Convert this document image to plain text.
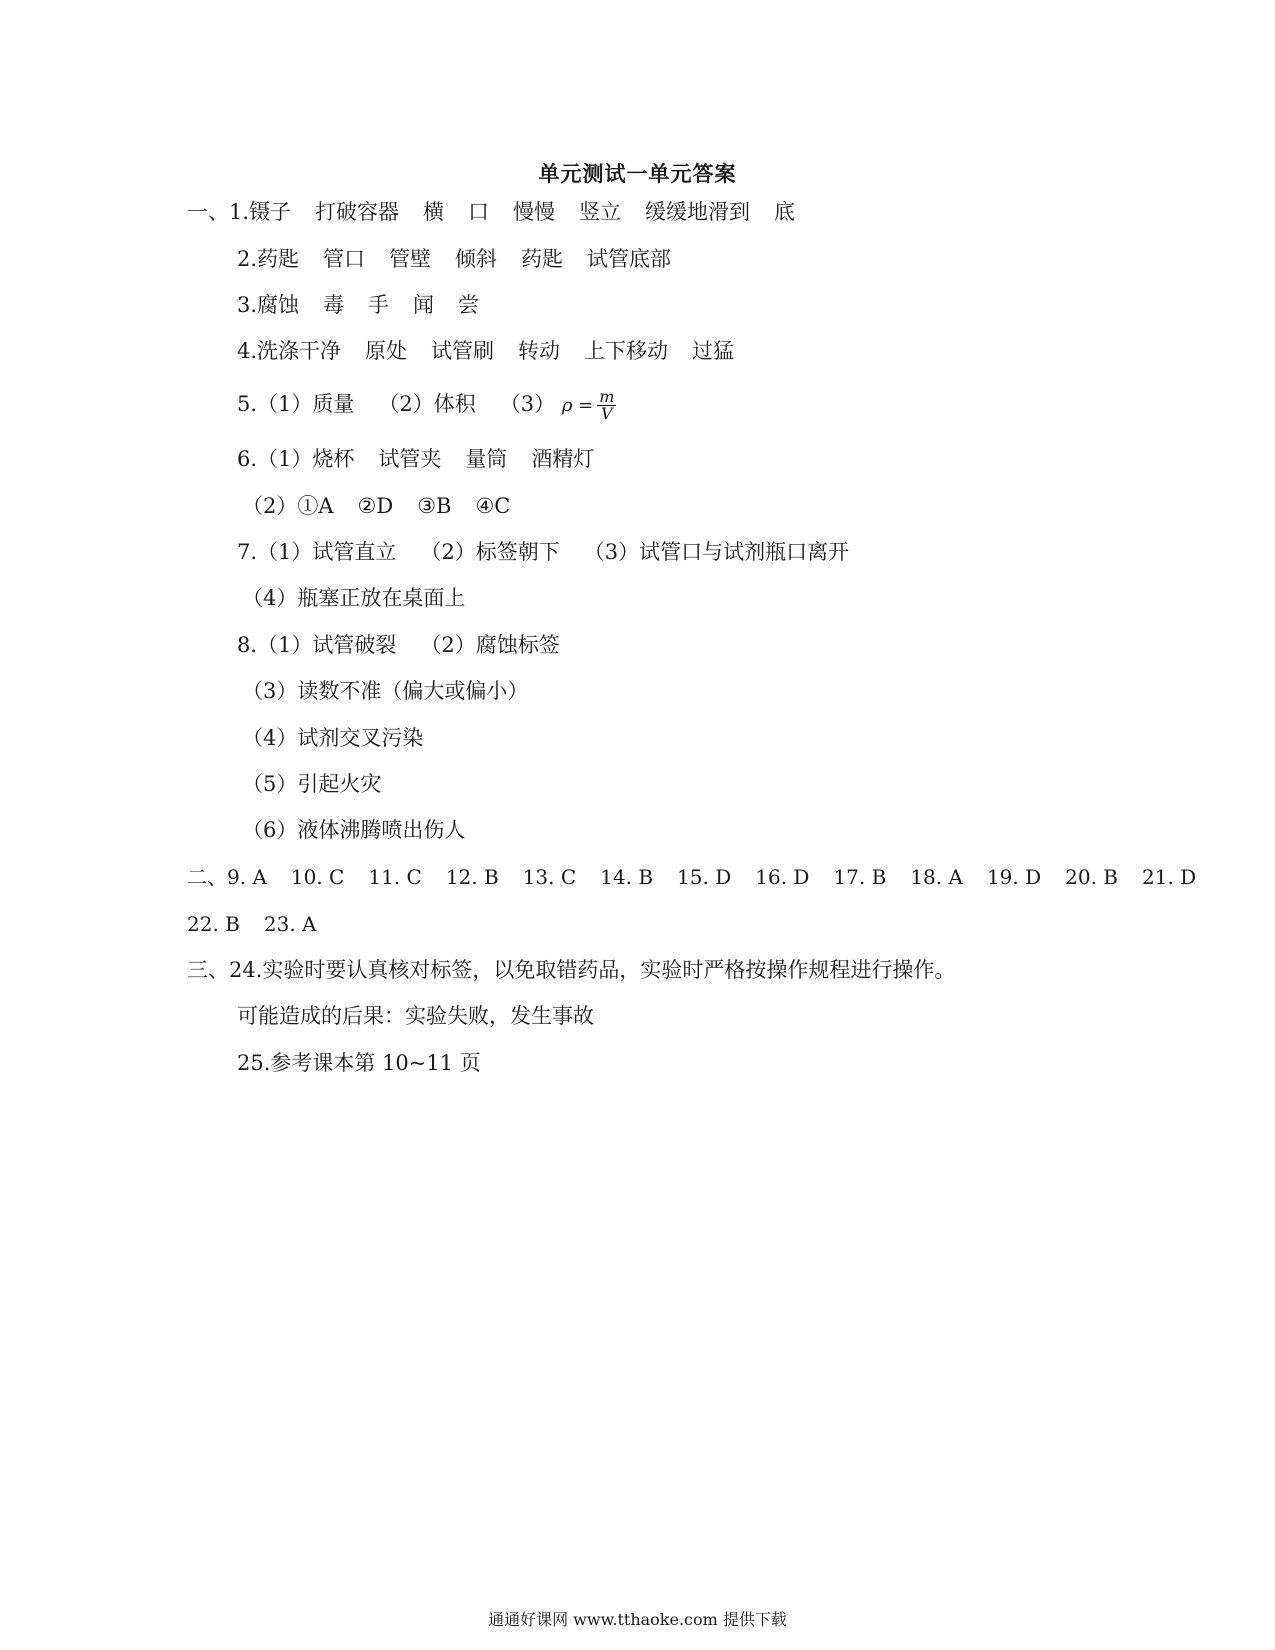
单元测试一单元答案
一、1.镊子 打破容器 横 口 慢慢 竖立 缓缓地滑到 底
2.药匙 管口 管壁 倾斜 药匙 试管底部
3.腐蚀 毒 手 闻 尝
4.洗涤干净 原处 试管刷 转动 上下移动 过猛
5.（1）质量 （2）体积 （3） $\rho = \frac{m}{V}$
6.（1）烧杯 试管夹 量筒 酒精灯
（2）①A ②D ③B ④C
7.（1）试管直立 （2）标签朝下 （3）试管口与试剂瓶口离开
（4）瓶塞正放在桌面上
8.（1）试管破裂 （2）腐蚀标签
（3）读数不准（偏大或偏小）
（4）试剂交叉污染
（5）引起火灾
（6）液体沸腾喷出伤人
二、9. A 10. C 11. C 12. B 13. C 14. B 15. D 16. D 17. B 18. A 19. D 20. B 21. D
22. B 23. A
三、24.实验时要认真核对标签，以免取错药品，实验时严格按操作规程进行操作。
可能造成的后果：实验失败，发生事故
25.参考课本第 10~11 页
通通好课网 www.tthaoke.com 提供下载
